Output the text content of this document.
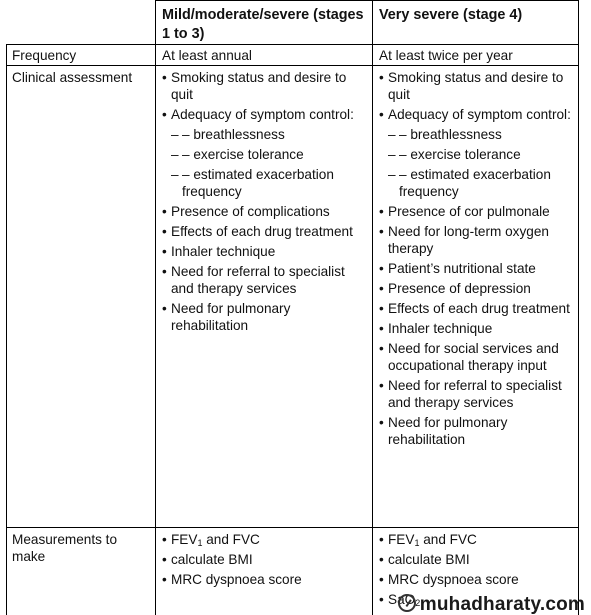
Mild/moderate/severe (stages 1 to 3)
Very severe (stage 4)
Frequency	At least annual	At least twice per year
Clinical assessment
•	Smoking status and desire to quit
• Adequacy of symptom control:
– – breathlessness
– – exercise tolerance
– – estimated exacerbation frequency
• Presence of complications
• Effects of each drug treatment
• Inhaler technique
• Need for referral to specialist and therapy services
• Need for pulmonary rehabilitation
• Smoking status and desire to quit
• Adequacy of symptom control:
– – breathlessness
– – exercise tolerance
– – estimated exacerbation frequency
• Presence of cor pulmonale
• Need for long-term oxygen therapy
• Patient’s nutritional state
• Presence of depression
• Effects of each drug treatment
• Inhaler technique
• Need for social services and occupational therapy input
• Need for referral to specialist and therapy services
• Need for pulmonary rehabilitation
Measurements to make
• $FEV_1$ and FVC
• calculate BMI
• MRC dyspnoea score
• $FEV_1$ and FVC
• calculate BMI
• MRC dyspnoea score
• SaO$_2$ muhadharaty.com
